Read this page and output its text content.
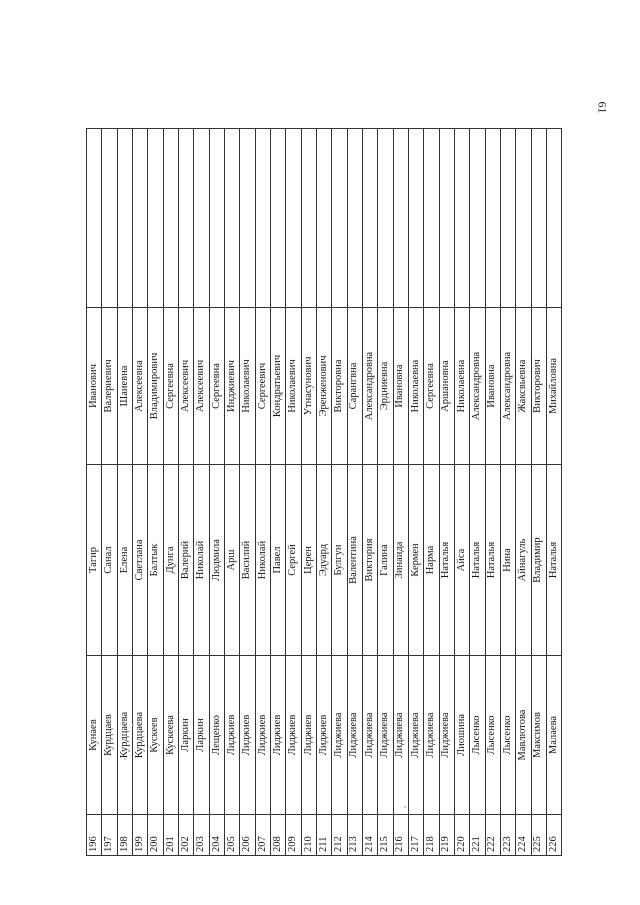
61
196	Кунаев	Тагир	Иванович	
197	Курдцаев	Санал	Валериевич	
198	Курдцаева	Елена	Шаиевна	
199	Курдцаева	Светлана	Алексеевна	
200	Кускеев	Балтык	Владимирович	
201	Кускеева	Дунга	Сергеевна	
202	Ларкин	Валерий	Алексеевич	
203	Ларкин	Николай	Алексеевич	
204	Лещенко	Людмила	Сергеевна	
205	Лиджиев	Арш	Инджиевич	
206	Лиджиев	Василий	Николаевич	
207	Лиджиев	Николай	Сергеевич	
208	Лиджиев	Павел	Кондратьевич	
209	Лиджиев	Сергей	Николаевич	
210	Лиджиев	Церен	Утнасунович	
211	Лиджиев	Эдуард	Эренженович	
212	Лиджиева	Булгун	Викторовна	
213	Лиджиева	Валентина	Сарангвна	
214	Лиджиева	Виктория	Александровна	
215	Лиджиева	Галина	Эрдниевна	
216	Лиджиева	Зинаида	Ивановна	
217	Лиджиева	Кермен	Николаевна	
218	Лиджиева	Нарма	Сергеевна	
219	Лиджиева	Наталья	Аршановна	
220	Лиошина	Айса	Николаевна	
221	Лысенко	Наталья	Александровна	
222	Лысенко	Наталья	Ивановна	
223	Лысенко	Нина	Александровна	
224	Мавлютова	Айнагуль	Жаксвьевна	
225	Максимов	Владимир	Викторович	
226	Малаева	Наталья	Михайловна	
